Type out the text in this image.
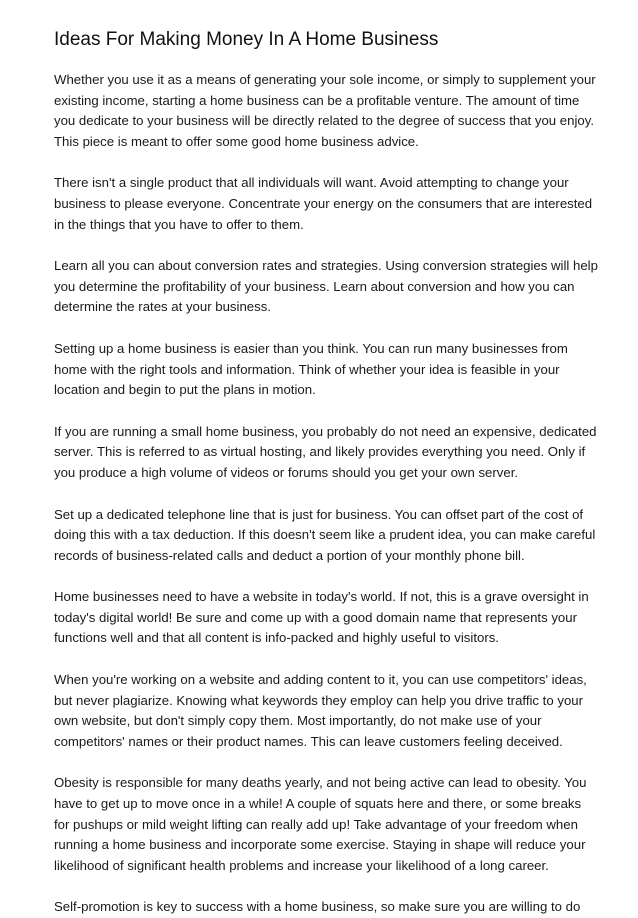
Ideas For Making Money In A Home Business

Whether you use it as a means of generating your sole income, or simply to supplement your existing income, starting a home business can be a profitable venture. The amount of time you dedicate to your business will be directly related to the degree of success that you enjoy. This piece is meant to offer some good home business advice.

There isn't a single product that all individuals will want. Avoid attempting to change your business to please everyone. Concentrate your energy on the consumers that are interested in the things that you have to offer to them.

Learn all you can about conversion rates and strategies. Using conversion strategies will help you determine the profitability of your business. Learn about conversion and how you can determine the rates at your business.

Setting up a home business is easier than you think. You can run many businesses from home with the right tools and information. Think of whether your idea is feasible in your location and begin to put the plans in motion.

If you are running a small home business, you probably do not need an expensive, dedicated server. This is referred to as virtual hosting, and likely provides everything you need. Only if you produce a high volume of videos or forums should you get your own server.

Set up a dedicated telephone line that is just for business. You can offset part of the cost of doing this with a tax deduction. If this doesn't seem like a prudent idea, you can make careful records of business-related calls and deduct a portion of your monthly phone bill.

Home businesses need to have a website in today's world. If not, this is a grave oversight in today's digital world! Be sure and come up with a good domain name that represents your functions well and that all content is info-packed and highly useful to visitors.

When you're working on a website and adding content to it, you can use competitors' ideas, but never plagiarize. Knowing what keywords they employ can help you drive traffic to your own website, but don't simply copy them. Most importantly, do not make use of your competitors' names or their product names. This can leave customers feeling deceived.

Obesity is responsible for many deaths yearly, and not being active can lead to obesity. You have to get up to move once in a while! A couple of squats here and there, or some breaks for pushups or mild weight lifting can really add up! Take advantage of your freedom when running a home business and incorporate some exercise. Staying in shape will reduce your likelihood of significant health problems and increase your likelihood of a long career.

Self-promotion is key to success with a home business, so make sure you are willing to do
